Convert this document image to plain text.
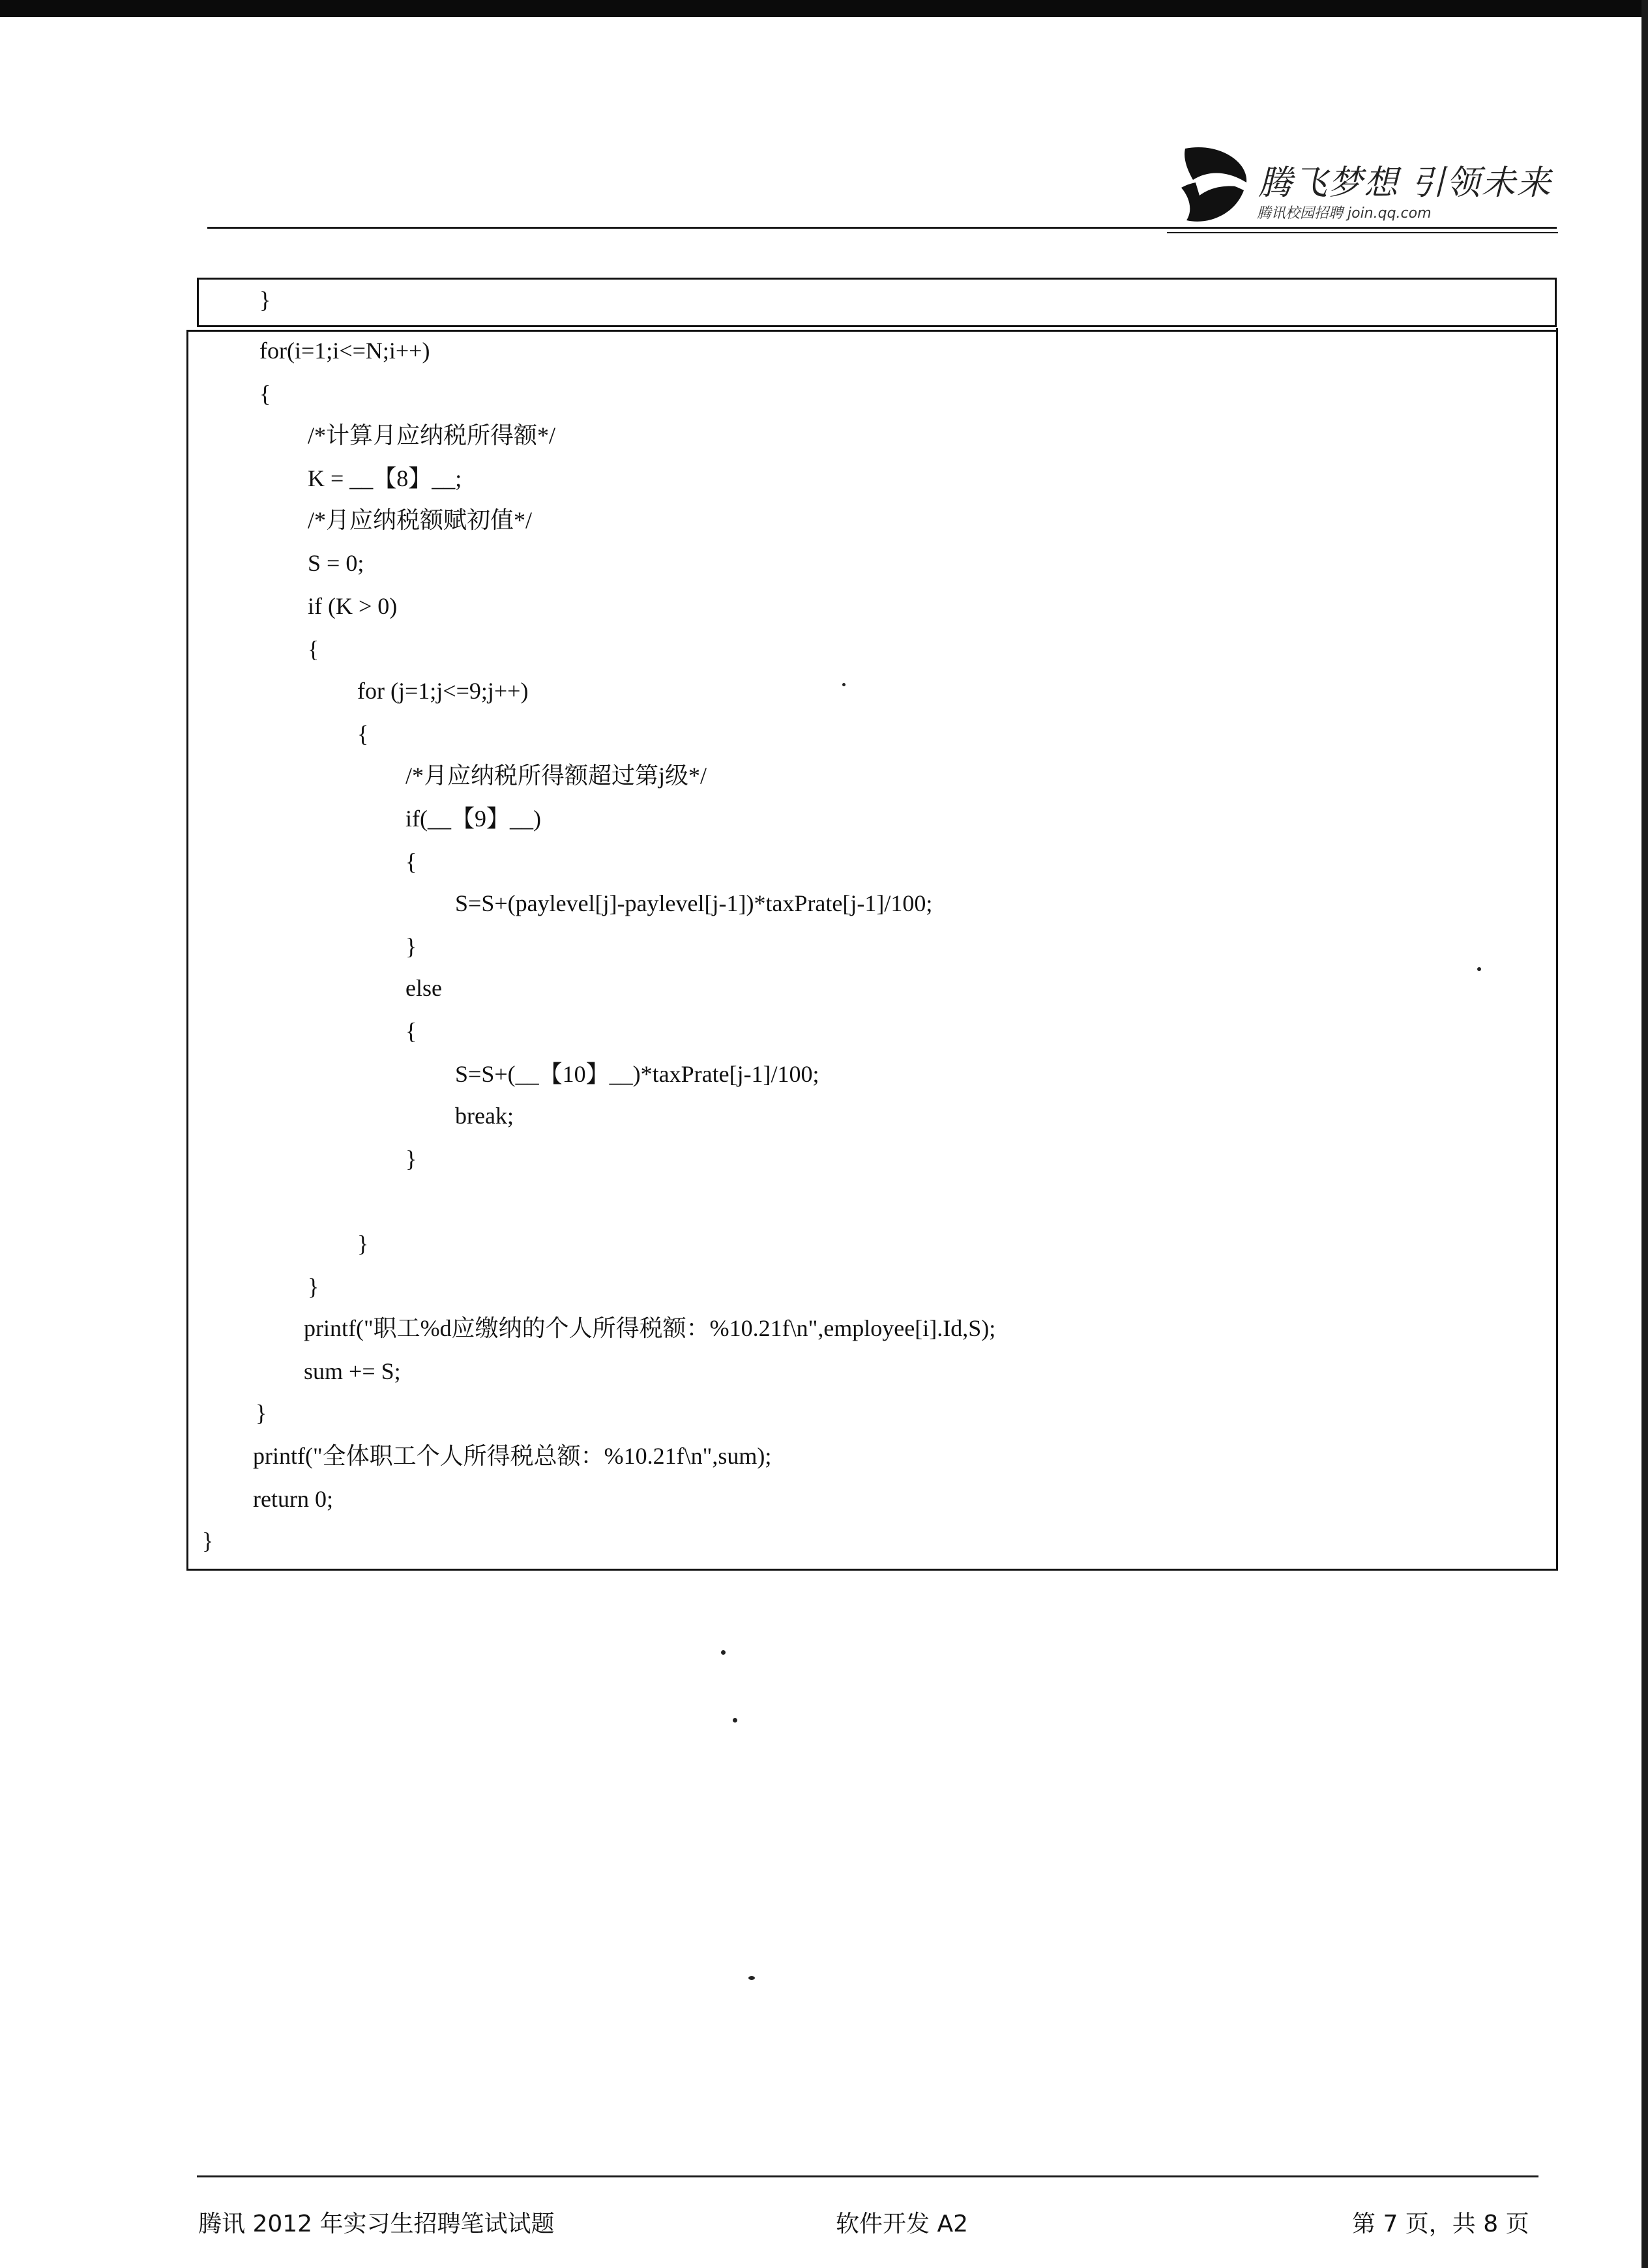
腾飞梦想 引领未来
腾讯校园招聘 join.qq.com
}
for(i=1;i<=N;i++)
{
/*计算月应纳税所得额*/
K = __【8】__;
/*月应纳税额赋初值*/
S = 0;
if (K > 0)
{
for (j=1;j<=9;j++)
{
/*月应纳税所得额超过第j级*/
if(__【9】__)
{
S=S+(paylevel[j]-paylevel[j-1])*taxPrate[j-1]/100;
}
else
{
S=S+(__【10】__)*taxPrate[j-1]/100;
break;
}
}
}
printf("职工%d应缴纳的个人所得税额：%10.21f\n",employee[i].Id,S);
sum += S;
}
printf("全体职工个人所得税总额：%10.21f\n",sum);
return 0;
}
腾讯 2012 年实习生招聘笔试试题	软件开发 A2	第 7 页，共 8 页
